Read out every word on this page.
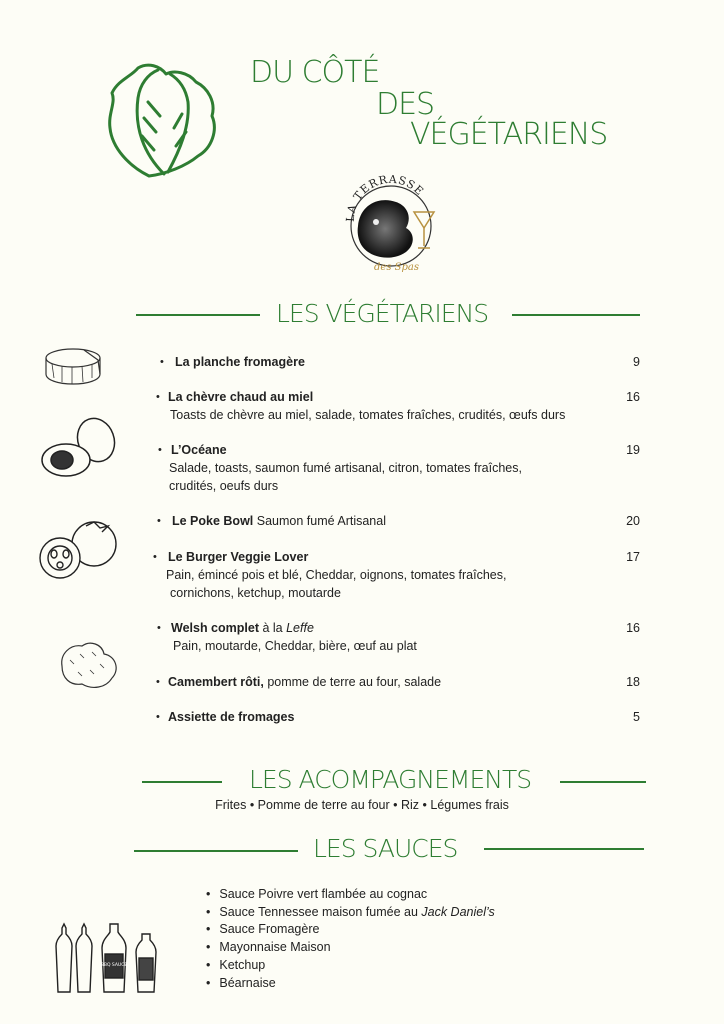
DU CÔTÉ
DES
VÉGÉTARIENS
LA TERRASSE
des Spas
LES VÉGÉTARIENS
• La planche fromagère	9
• La chèvre chaud au miel	16
Toasts de chèvre au miel, salade, tomates fraîches, crudités, œufs durs
• L’Océane	19
Salade, toasts, saumon fumé artisanal, citron, tomates fraîches,
crudités, oeufs durs
• Le Poke Bowl Saumon fumé Artisanal	20
• Le Burger Veggie Lover	17
Pain, émincé pois et blé, Cheddar, oignons, tomates fraîches,
cornichons, ketchup, moutarde
• Welsh complet à la Leffe	16
Pain, moutarde, Cheddar, bière, œuf au plat
• Camembert rôti, pomme de terre au four, salade	18
• Assiette de fromages	5
LES ACOMPAGNEMENTS
Frites • Pomme de terre au four • Riz • Légumes frais
LES SAUCES
• Sauce Poivre vert flambée au cognac
• Sauce Tennessee maison fumée au Jack Daniel’s
• Sauce Fromagère
• Mayonnaise Maison
• Ketchup
• Béarnaise
BBQ SAUCE
